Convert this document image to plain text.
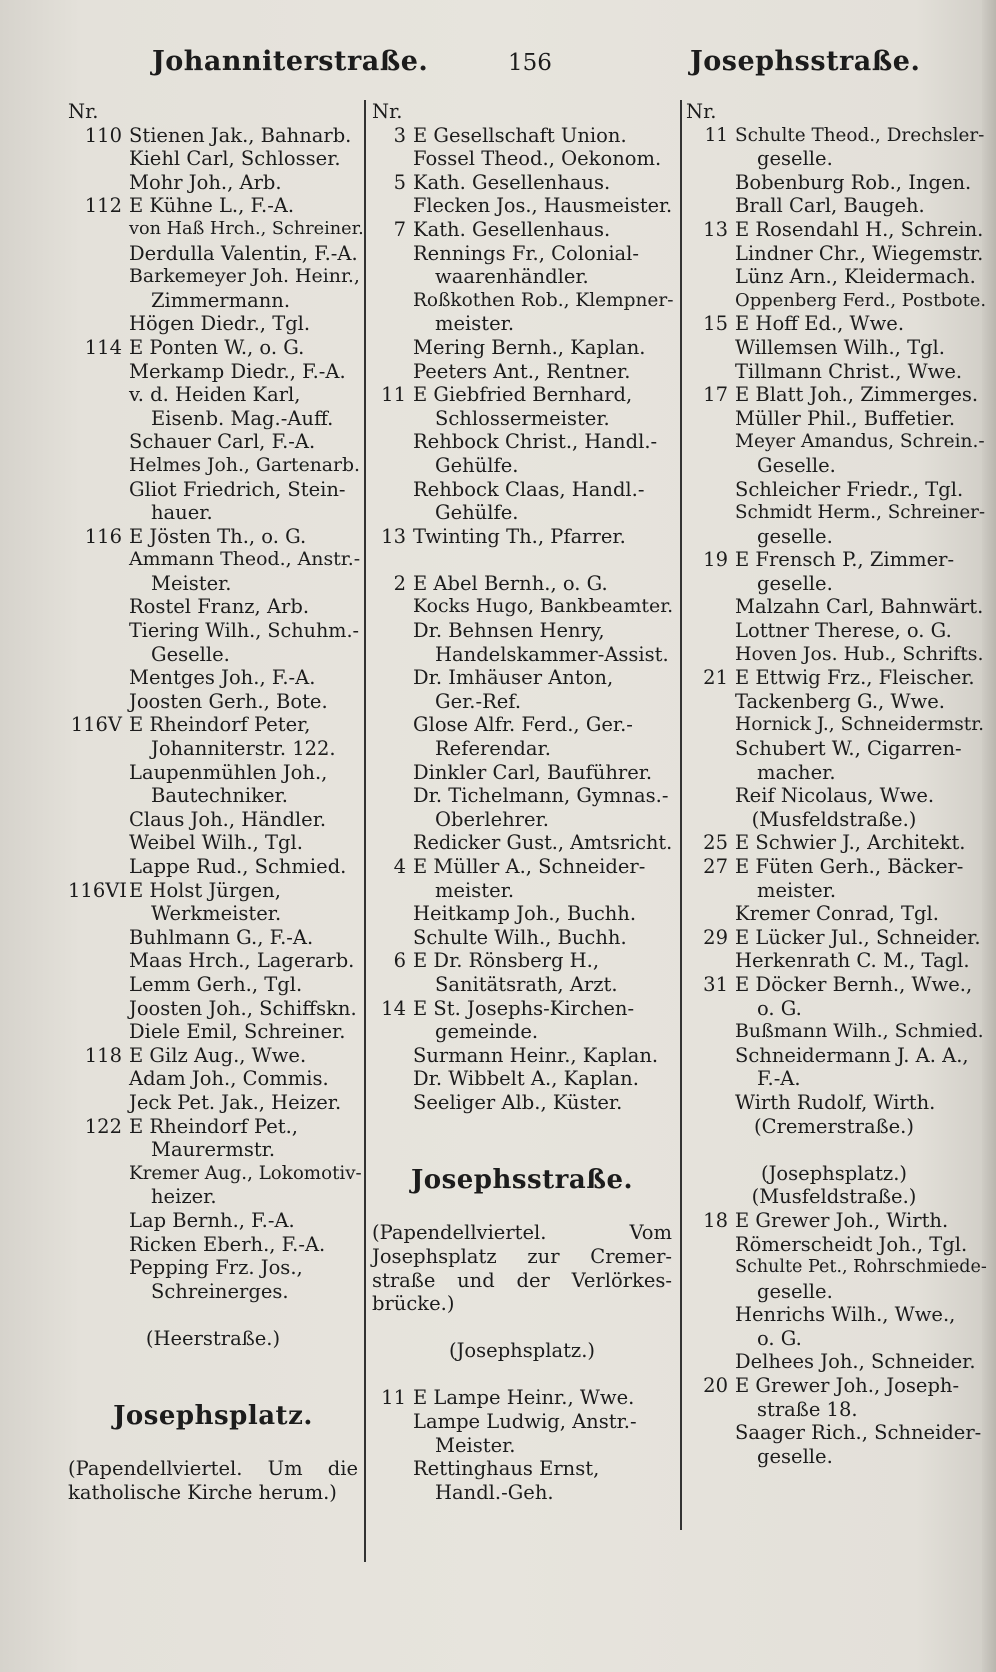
Johanniterstraße.	156	Josephsstraße.
Nr.
110 Stienen Jak., Bahnarb.
Kiehl Carl, Schlosser.
Mohr Joh., Arb.
112 E Kühne L., F.-A.
von Haß Hrch., Schreiner.
Derdulla Valentin, F.-A.
Barkemeyer Joh. Heinr.,
Zimmermann.
Högen Diedr., Tgl.
114 E Ponten W., o. G.
Merkamp Diedr., F.-A.
v. d. Heiden Karl,
Eisenb. Mag.-Auff.
Schauer Carl, F.-A.
Helmes Joh., Gartenarb.
Gliot Friedrich, Stein-
hauer.
116 E Jösten Th., o. G.
Ammann Theod., Anstr.-
Meister.
Rostel Franz, Arb.
Tiering Wilh., Schuhm.-
Geselle.
Mentges Joh., F.-A.
Joosten Gerh., Bote.
116V E Rheindorf Peter,
Johanniterstr. 122.
Laupenmühlen Joh.,
Bautechniker.
Claus Joh., Händler.
Weibel Wilh., Tgl.
Lappe Rud., Schmied.
116VI E Holst Jürgen,
Werkmeister.
Buhlmann G., F.-A.
Maas Hrch., Lagerarb.
Lemm Gerh., Tgl.
Joosten Joh., Schiffskn.
Diele Emil, Schreiner.
118 E Gilz Aug., Wwe.
Adam Joh., Commis.
Jeck Pet. Jak., Heizer.
122 E Rheindorf Pet.,
Maurermstr.
Kremer Aug., Lokomotiv-
heizer.
Lap Bernh., F.-A.
Ricken Eberh., F.-A.
Pepping Frz. Jos.,
Schreinerges.
(Heerstraße.)
Josephsplatz.
(Papendellviertel. Um die katholische Kirche herum.)
Nr.
3 E Gesellschaft Union.
Fossel Theod., Oekonom.
5 Kath. Gesellenhaus.
Flecken Jos., Hausmeister.
7 Kath. Gesellenhaus.
Rennings Fr., Colonial-
waarenhändler.
Roßkothen Rob., Klempner-
meister.
Mering Bernh., Kaplan.
Peeters Ant., Rentner.
11 E Giebfried Bernhard,
Schlossermeister.
Rehbock Christ., Handl.-
Gehülfe.
Rehbock Claas, Handl.-
Gehülfe.
13 Twinting Th., Pfarrer.
2 E Abel Bernh., o. G.
Kocks Hugo, Bankbeamter.
Dr. Behnsen Henry,
Handelskammer-Assist.
Dr. Imhäuser Anton,
Ger.-Ref.
Glose Alfr. Ferd., Ger.-
Referendar.
Dinkler Carl, Bauführer.
Dr. Tichelmann, Gymnas.-
Oberlehrer.
Redicker Gust., Amtsricht.
4 E Müller A., Schneider-
meister.
Heitkamp Joh., Buchh.
Schulte Wilh., Buchh.
6 E Dr. Rönsberg H.,
Sanitätsrath, Arzt.
14 E St. Josephs-Kirchen-
gemeinde.
Surmann Heinr., Kaplan.
Dr. Wibbelt A., Kaplan.
Seeliger Alb., Küster.
Josephsstraße.
(Papendellviertel. Vom Josephsplatz zur Cremer-straße und der Verlörkes-brücke.)
(Josephsplatz.)
11 E Lampe Heinr., Wwe.
Lampe Ludwig, Anstr.-
Meister.
Rettinghaus Ernst,
Handl.-Geh.
Nr.
11 Schulte Theod., Drechsler-
geselle.
Bobenburg Rob., Ingen.
Brall Carl, Baugeh.
13 E Rosendahl H., Schrein.
Lindner Chr., Wiegemstr.
Lünz Arn., Kleidermach.
Oppenberg Ferd., Postbote.
15 E Hoff Ed., Wwe.
Willemsen Wilh., Tgl.
Tillmann Christ., Wwe.
17 E Blatt Joh., Zimmerges.
Müller Phil., Buffetier.
Meyer Amandus, Schrein.-
Geselle.
Schleicher Friedr., Tgl.
Schmidt Herm., Schreiner-
geselle.
19 E Frensch P., Zimmer-
geselle.
Malzahn Carl, Bahnwärt.
Lottner Therese, o. G.
Hoven Jos. Hub., Schrifts.
21 E Ettwig Frz., Fleischer.
Tackenberg G., Wwe.
Hornick J., Schneidermstr.
Schubert W., Cigarren-
macher.
Reif Nicolaus, Wwe.
(Musfeldstraße.)
25 E Schwier J., Architekt.
27 E Füten Gerh., Bäcker-
meister.
Kremer Conrad, Tgl.
29 E Lücker Jul., Schneider.
Herkenrath C. M., Tagl.
31 E Döcker Bernh., Wwe.,
o. G.
Bußmann Wilh., Schmied.
Schneidermann J. A. A.,
F.-A.
Wirth Rudolf, Wirth.
(Cremerstraße.)
(Josephsplatz.)
(Musfeldstraße.)
18 E Grewer Joh., Wirth.
Römerscheidt Joh., Tgl.
Schulte Pet., Rohrschmiede-
geselle.
Henrichs Wilh., Wwe.,
o. G.
Delhees Joh., Schneider.
20 E Grewer Joh., Joseph-
straße 18.
Saager Rich., Schneider-
geselle.
